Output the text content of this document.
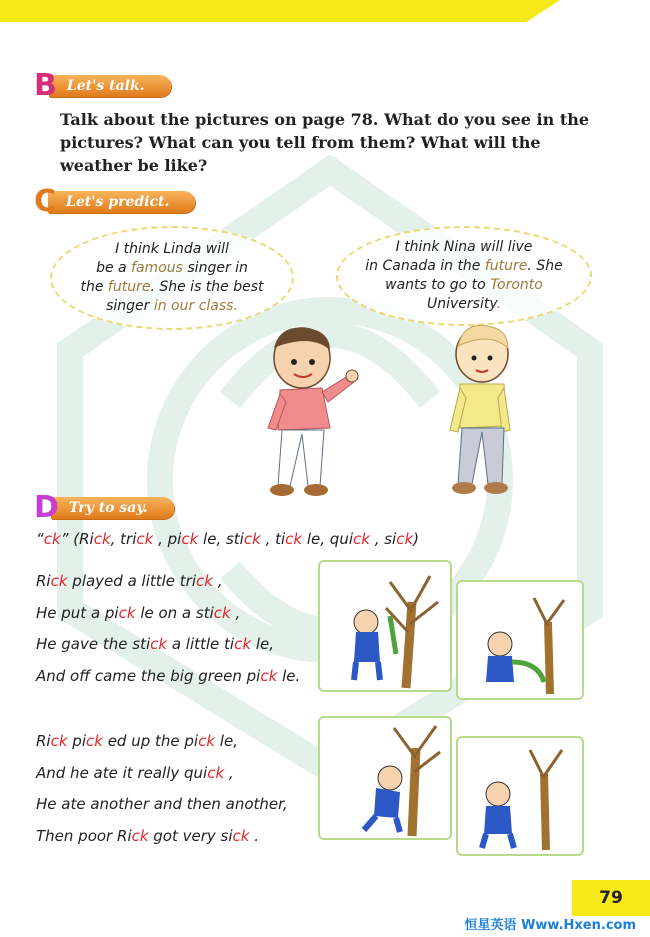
B Let's talk.

Talk about the pictures on page 78. What do you see in the pictures? What can you tell from them? What will the weather be like?

C Let's predict.
I think Linda will
be a famous singer in
the future. She is the best
singer in our class.
I think Nina will live
in Canada in the future. She
wants to go to Toronto
University.
D Try to say.
“ck” (Rick, trick , pick le, stick , tick le, quick , sick)
Rick played a little trick ,
He put a pick le on a stick ,
He gave the stick a little tick le,
And off came the big green pick le.
Rick pick ed up the pick le,
And he ate it really quick ,
He ate another and then another,
Then poor Rick got very sick .
79
恒星英语 Www.Hxen.com
